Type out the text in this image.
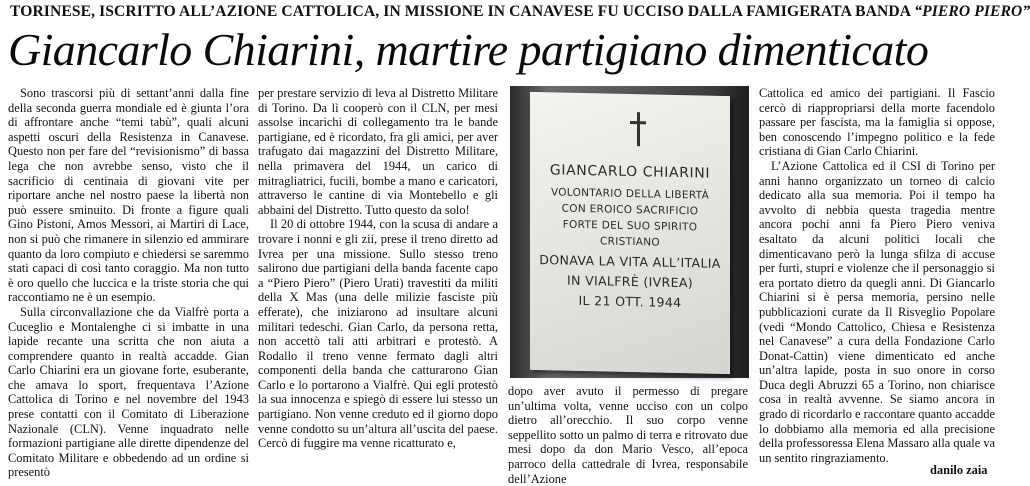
TORINESE, ISCRITTO ALL’AZIONE CATTOLICA, IN MISSIONE IN CANAVESE FU UCCISO DALLA FAMIGERATA BANDA “PIERO PIERO”
Giancarlo Chiarini, martire partigiano dimenticato

Sono trascorsi più di settant’anni dalla fine della seconda guerra mondiale ed è giunta l’ora di affrontare anche “temi tabù”, quali alcuni aspetti oscuri della Resistenza in Canavese. Questo non per fare del “revisionismo” di bassa lega che non avrebbe senso, visto che il sacrificio di centinaia di giovani vite per riportare anche nel nostro paese la libertà non può essere sminuito. Di fronte a figure quali Gino Pistoni, Amos Messori, ai Martiri di Lace, non si può che rimanere in silenzio ed ammirare quanto da loro compiuto e chiedersi se saremmo stati capaci di così tanto coraggio. Ma non tutto è oro quello che luccica e la triste storia che qui raccontiamo ne è un esempio.

Sulla circonvallazione che da Vialfrè porta a Cuceglio e Montalenghe ci si imbatte in una lapide recante una scritta che non aiuta a comprendere quanto in realtà accadde. Gian Carlo Chiarini era un giovane forte, esuberante, che amava lo sport, frequentava l’Azione Cattolica di Torino e nel novembre del 1943 prese contatti con il Comitato di Liberazione Nazionale (CLN). Venne inquadrato nelle formazioni partigiane alle dirette dipendenze del Comitato Militare e obbedendo ad un ordine si presentò

per prestare servizio di leva al Distretto Militare di Torino. Da lì cooperò con il CLN, per mesi assolse incarichi di collegamento tra le bande partigiane, ed è ricordato, fra gli amici, per aver trafugato dai magazzini del Distretto Militare, nella primavera del 1944, un carico di mitragliatrici, fucili, bombe a mano e caricatori, attraverso le cantine di via Montebello e gli abbaini del Distretto. Tutto questo da solo!

Il 20 di ottobre 1944, con la scusa di andare a trovare i nonni e gli zii, prese il treno diretto ad Ivrea per una missione. Sullo stesso treno salirono due partigiani della banda facente capo a “Piero Piero” (Piero Urati) travestiti da militi della X Mas (una delle milizie fasciste più efferate), che iniziarono ad insultare alcuni militari tedeschi. Gian Carlo, da persona retta, non accettò tali atti arbitrari e protestò. A Rodallo il treno venne fermato dagli altri componenti della banda che catturarono Gian Carlo e lo portarono a Vialfrè. Qui egli protestò la sua innocenza e spiegò di essere lui stesso un partigiano. Non venne creduto ed il giorno dopo venne condotto su un’altura all’uscita del paese. Cercò di fuggire ma venne ricatturato e,

GIANCARLO CHIARINI
VOLONTARIO DELLA LIBERTÀ
CON EROICO SACRIFICIO
FORTE DEL SUO SPIRITO
CRISTIANO
DONAVA LA VITA ALL’ITALIA
IN VIALFRÈ (IVREA)
IL 21 OTT. 1944

dopo aver avuto il permesso di pregare un’ultima volta, venne ucciso con un colpo dietro all’orecchio. Il suo corpo venne seppellito sotto un palmo di terra e ritrovato due mesi dopo da don Mario Vesco, all’epoca parroco della cattedrale di Ivrea, responsabile dell’Azione

Cattolica ed amico dei partigiani. Il Fascio cercò di riappropriarsi della morte facendolo passare per fascista, ma la famiglia si oppose, ben conoscendo l’impegno politico e la fede cristiana di Gian Carlo Chiarini.

L’Azione Cattolica ed il CSI di Torino per anni hanno organizzato un torneo di calcio dedicato alla sua memoria. Poi il tempo ha avvolto di nebbia questa tragedia mentre ancora pochi anni fa Piero Piero veniva esaltato da alcuni politici locali che dimenticavano però la lunga sfilza di accuse per furti, stupri e violenze che il personaggio si era portato dietro da quegli anni. Di Giancarlo Chiarini si è persa memoria, persino nelle pubblicazioni curate da Il Risveglio Popolare (vedi “Mondo Cattolico, Chiesa e Resistenza nel Canavese” a cura della Fondazione Carlo Donat-Cattin) viene dimenticato ed anche un’altra lapide, posta in suo onore in corso Duca degli Abruzzi 65 a Torino, non chiarisce cosa in realtà avvenne. Se siamo ancora in grado di ricordarlo e raccontare quanto accadde lo dobbiamo alla memoria ed alla precisione della professoressa Elena Massaro alla quale va un sentito ringraziamento.

danilo zaia
